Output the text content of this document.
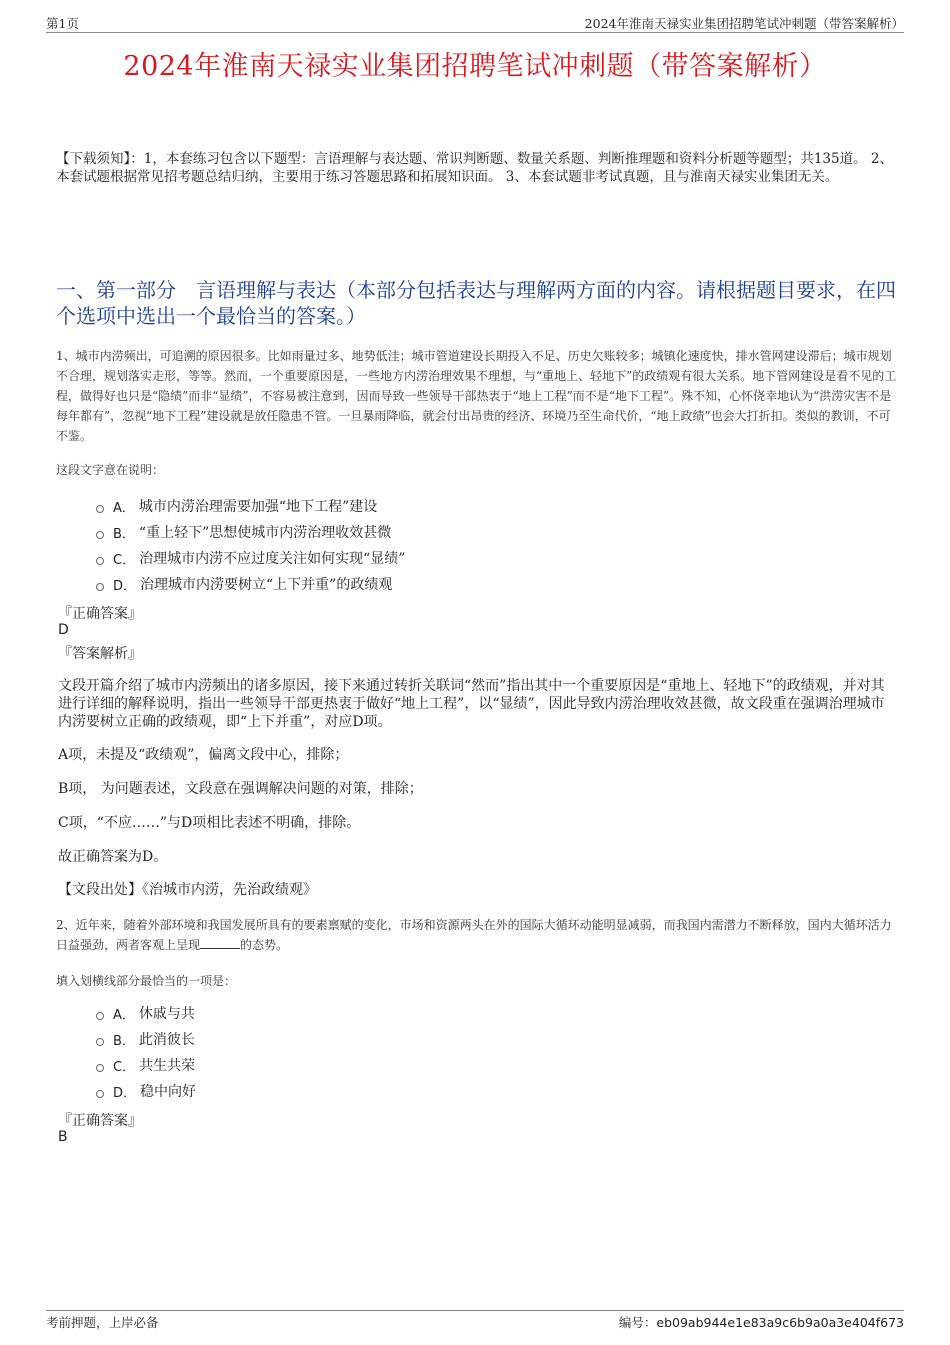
第1页	2024年淮南天禄实业集团招聘笔试冲刺题（带答案解析）
2024年淮南天禄实业集团招聘笔试冲刺题（带答案解析）
【下载须知】：1，本套练习包含以下题型：言语理解与表达题、常识判断题、数量关系题、判断推理题和资料分析题等题型；共135道。 2、本套试题根据常见招考题总结归纳，主要用于练习答题思路和拓展知识面。 3、本套试题非考试真题，且与淮南天禄实业集团无关。
一、第一部分　言语理解与表达（本部分包括表达与理解两方面的内容。请根据题目要求，在四个选项中选出一个最恰当的答案。）
1、城市内涝频出，可追溯的原因很多。比如雨量过多、地势低洼；城市管道建设长期投入不足、历史欠账较多；城镇化速度快，排水管网建设滞后；城市规划不合理，规划落实走形，等等。然而，一个重要原因是，一些地方内涝治理效果不理想，与“重地上、轻地下”的政绩观有很大关系。地下管网建设是看不见的工程，做得好也只是“隐绩”而非“显绩”，不容易被注意到，因而导致一些领导干部热衷于“地上工程”而不是“地下工程”。殊不知，心怀侥幸地认为“洪涝灾害不是每年都有”，忽视“地下工程”建设就是放任隐患不管。一旦暴雨降临，就会付出昂贵的经济、环境乃至生命代价，“地上政绩”也会大打折扣。类似的教训，不可不鉴。
这段文字意在说明：
A． 城市内涝治理需要加强“地下工程”建设
B． “重上轻下”思想使城市内涝治理收效甚微
C． 治理城市内涝不应过度关注如何实现“显绩”
D． 治理城市内涝要树立“上下并重”的政绩观
『正确答案』
D
『答案解析』
文段开篇介绍了城市内涝频出的诸多原因，接下来通过转折关联词“然而”指出其中一个重要原因是“重地上、轻地下”的政绩观，并对其进行详细的解释说明，指出一些领导干部更热衷于做好“地上工程”，以“显绩”，因此导致内涝治理收效甚微，故文段重在强调治理城市内涝要树立正确的政绩观，即“上下并重”，对应D项。
A项，未提及“政绩观”，偏离文段中心，排除；
B项， 为问题表述，文段意在强调解决问题的对策，排除；
C项，“不应……”与D项相比表述不明确，排除。
故正确答案为D。
【文段出处】《治城市内涝，先治政绩观》
2、近年来，随着外部环境和我国发展所具有的要素禀赋的变化，市场和资源两头在外的国际大循环动能明显减弱，而我国内需潜力不断释放，国内大循环活力日益强劲，两者客观上呈现	的态势。
填入划横线部分最恰当的一项是：
A． 休戚与共
B． 此消彼长
C． 共生共荣
D． 稳中向好
『正确答案』
B
考前押题，上岸必备	编号：eb09ab944e1e83a9c6b9a0a3e404f673
